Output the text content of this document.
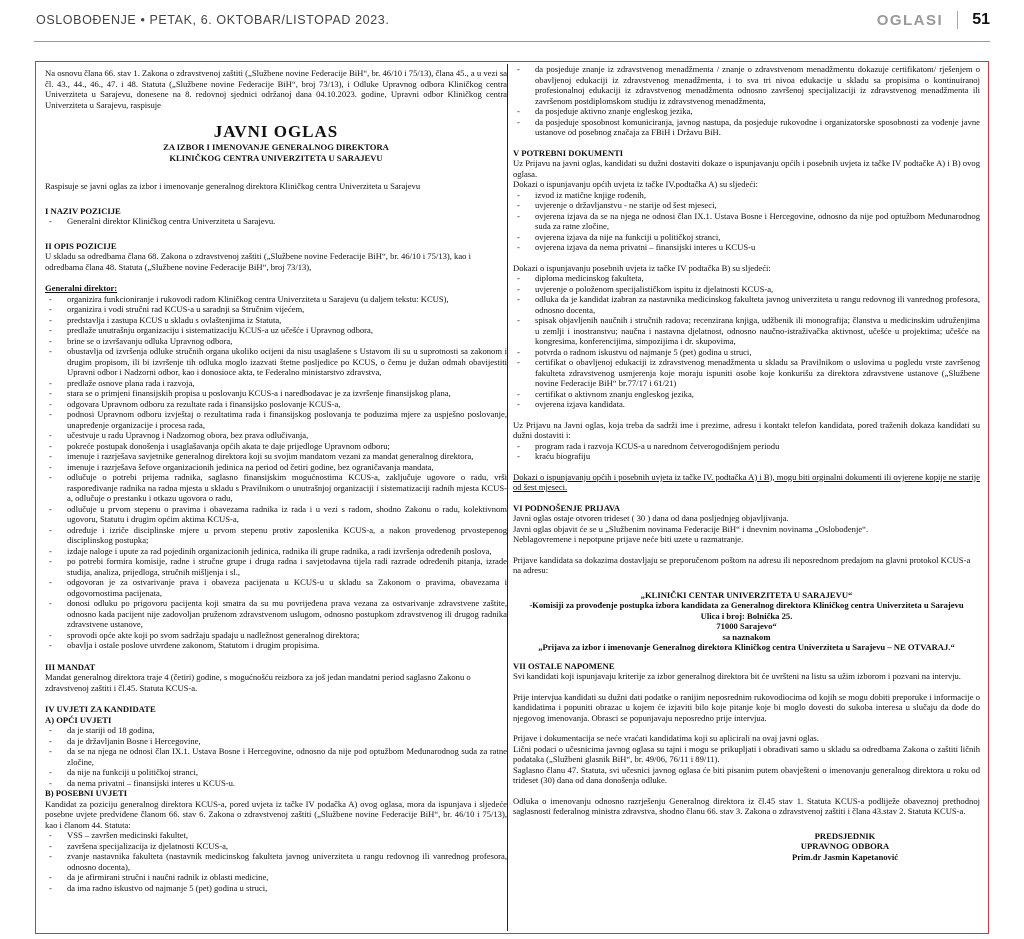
OSLOBOĐENJE • PETAK, 6. OKTOBAR/LISTOPAD 2023.	OGLASI 51

Na osnovu člana 66. stav 1. Zakona o zdravstvenoj zaštiti („Službene novine Federacije BiH“, br. 46/10 i 75/13), člana 45., a u vezi sa čl. 43., 44., 46., 47. i 48. Statuta („Službene novine Federacije BiH“, broj 73/13), i Odluke Upravnog odbora Kliničkog centra Univerziteta u Sarajevu, donesene na 8. redovnoj sjednici održanoj dana 04.10.2023. godine, Upravni odbor Kliničkog centra Univerziteta u Sarajevu, raspisuje

JAVNI OGLAS
ZA IZBOR I IMENOVANJE GENERALNOG DIREKTORA
KLINIČKOG CENTRA UNIVERZITETA U SARAJEVU

Raspisuje se javni oglas za izbor i imenovanje generalnog direktora Kliničkog centra Univerziteta u Sarajevu

I NAZIV POZICIJE
- Generalni direktor Kliničkog centra Univerziteta u Sarajevu.
II OPIS POZICIJE

U skladu sa odredbama člana 68. Zakona o zdravstvenoj zaštiti („Službene novine Federacije BiH“, br. 46/10 i 75/13), kao i odredbama člana 48. Statuta („Službene novine Federacije BiH“, broj 73/13),

Generalni direktor:
- organizira funkcioniranje i rukovodi radom Kliničkog centra Univerziteta u Sarajevu (u daljem tekstu: KCUS),
- organizira i vodi stručni rad KCUS-a u saradnji sa Stručnim vijećem,
- predstavlja i zastupa KCUS u skladu s ovlaštenjima iz Statuta,
- predlaže unutrašnju organizaciju i sistematizaciju KCUS-a uz učešće i Upravnog odbora,
- brine se o izvršavanju odluka Upravnog odbora,
- obustavlja od izvršenja odluke stručnih organa ukoliko ocijeni da nisu usaglašene s Ustavom ili su u suprotnosti sa zakonom i drugim propisom, ili bi izvršenje tih odluka moglo izazvati štetne posljedice po KCUS, o čemu je dužan odmah obavijestiti Upravni odbor i Nadzorni odbor, kao i donosioce akta, te Federalno ministarstvo zdravstva,
- predlaže osnove plana rada i razvoja,
- stara se o primjeni finansijskih propisa u poslovanju KCUS-a i naredbodavac je za izvršenje finansijskog plana,
- odgovara Upravnom odboru za rezultate rada i finansijsko poslovanje KCUS-a,
- podnosi Upravnom odboru izvještaj o rezultatima rada i finansijskog poslovanja te poduzima mjere za uspješno poslovanje, unapređenje organizacije i procesa rada,
- učestvuje u radu Upravnog i Nadzornog obora, bez prava odlučivanja,
- pokreće postupak donošenja i usaglašavanja općih akata te daje prijedloge Upravnom odboru;
- imenuje i razrješava savjetnike generalnog direktora koji su svojim mandatom vezani za mandat generalnog direktora,
- imenuje i razrješava šefove organizacionih jedinica na period od četiri godine, bez ograničavanja mandata,
- odlučuje o potrebi prijema radnika, saglasno finansijskim mogućnostima KCUS-a, zaključuje ugovore o radu, vrši raspoređivanje radnika na radna mjesta u skladu s Pravilnikom o unutrašnjoj organizaciji i sistematizaciji radnih mjesta KCUS-a, odlučuje o prestanku i otkazu ugovora o radu,
- odlučuje u prvom stepenu o pravima i obavezama radnika iz rada i u vezi s radom, shodno Zakonu o radu, kolektivnom ugovoru, Statutu i drugim općim aktima KCUS-a,
- određuje i izriče disciplinske mjere u prvom stepenu protiv zaposlenika KCUS-a, a nakon provedenog prvostepenog disciplinskog postupka;
- izdaje naloge i upute za rad pojedinih organizacionih jedinica, radnika ili grupe radnika, a radi izvršenja određenih poslova,
- po potrebi formira komisije, radne i stručne grupe i druga radna i savjetodavna tijela radi razrade određenih pitanja, izrade studija, analiza, prijedloga, stručnih mišljenja i sl.,
- odgovoran je za ostvarivanje prava i obaveza pacijenata u KCUS-u u skladu sa Zakonom o pravima, obavezama i odgovornostima pacijenata,
- donosi odluku po prigovoru pacijenta koji smatra da su mu povrijeđena prava vezana za ostvarivanje zdravstvene zaštite, odnosno kada pacijent nije zadovoljan pruženom zdravstvenom uslugom, odnosno postupkom zdravstvenog ili drugog radnika zdravstvene ustanove,
- sprovodi opće akte koji po svom sadržaju spadaju u nadležnost generalnog direktora;
- obavlja i ostale poslove utvrđene zakonom, Statutom i drugim propisima.
III MANDAT

Mandat generalnog direktora traje 4 (četiri) godine, s mogućnošću reizbora za još jedan mandatni period saglasno Zakonu o zdravstvenoj zaštiti i čl.45. Statuta KCUS-a.

IV UVJETI ZA KANDIDATE
A) OPĆI UVJETI
- da je stariji od 18 godina,
- da je državljanin Bosne i Hercegovine,
- da se na njega ne odnosi član IX.1. Ustava Bosne i Hercegovine, odnosno da nije pod optužbom Međunarodnog suda za ratne zločine,
- da nije na funkciji u političkoj stranci,
- da nema privatni – finansijski interes u KCUS-u.
B) POSEBNI UVJETI

Kandidat za poziciju generalnog direktora KCUS-a, pored uvjeta iz tačke IV podačka A) ovog oglasa, mora da ispunjava i sljedeće posebne uvjete predviđene članom 66. stav 6. Zakona o zdravstvenoj zaštiti („Službene novine Federacije BiH“, br. 46/10 i 75/13), kao i članom 44. Statuta:

- VSS – završen medicinski fakultet,
- završena specijalizacija iz djelatnosti KCUS-a,
- zvanje nastavnika fakulteta (nastavnik medicinskog fakulteta javnog univerziteta u rangu redovnog ili vanrednog profesora, odnosno docenta),
- da je afirmirani stručni i naučni radnik iz oblasti medicine,
- da ima radno iskustvo od najmanje 5 (pet) godina u struci,
- da posjeduje znanje iz zdravstvenog menadžmenta / znanje o zdravstvenom menadžmentu dokazuje certifikatom/ rješenjem o obavljenoj edukaciji iz zdravstvenog menadžmenta, i to sva tri nivoa edukacije u skladu sa propisima o kontinuiranoj profesionalnoj edukaciji iz zdravstvenog menadžmenta odnosno završenoj specijalizaciji iz zdravstvenog menadžmenta ili završenom postdiplomskom studiju iz zdravstvenog menadžmenta,
- da posjeduje aktivno znanje engleskog jezika,
- da posjeduje sposobnost komuniciranja, javnog nastupa, da posjeduje rukovodne i organizatorske sposobnosti za vođenje javne ustanove od posebnog značaja za FBiH i Državu BiH.
V POTREBNI DOKUMENTI

Uz Prijavu na javni oglas, kandidati su dužni dostaviti dokaze o ispunjavanju općih i posebnih uvjeta iz tačke IV podtačke A) i B) ovog oglasa.

Dokazi o ispunjavanju općih uvjeta iz tačke IV.podtačka A) su sljedeći:

- izvod iz matične knjige rođenih,
- uvjerenje o državljanstvu - ne starije od šest mjeseci,
- ovjerena izjava da se na njega ne odnosi član IX.1. Ustava Bosne i Hercegovine, odnosno da nije pod optužbom Međunarodnog suda za ratne zločine,
- ovjerena izjava da nije na funkciji u političkoj stranci,
- ovjerena izjava da nema privatni – finansijski interes u KCUS-u

Dokazi o ispunjavanju posebnih uvjeta iz tačke IV podtačka B) su sljedeći:

- diploma medicinskog fakulteta,
- uvjerenje o položenom specijalističkom ispitu iz djelatnosti KCUS-a,
- odluka da je kandidat izabran za nastavnika medicinskog fakulteta javnog univerziteta u rangu redovnog ili vanrednog profesora, odnosno docenta,
- spisak objavljenih naučnih i stručnih radova; recenzirana knjiga, udžbenik ili monografija; članstva u medicinskim udruženjima u zemlji i inostranstvu; naučna i nastavna djelatnost, odnosno naučno-istraživačka aktivnost, učešće u projektima; učešće na kongresima, konferencijima, simpozijima i dr. skupovima,
- potvrda o radnom iskustvu od najmanje 5 (pet) godina u struci,
- certifikat o obavljenoj edukaciji iz zdravstvenog menadžmenta u skladu sa Pravilnikom o uslovima u pogledu vrste završenog fakulteta zdravstvenog usmjerenja koje moraju ispuniti osobe koje konkurišu za direktora zdravstvene ustanove („Službene novine Federacije BiH“ br.77/17 i 61/21)
- certifikat o aktivnom znanju engleskog jezika,
- ovjerena izjava kandidata.

Uz Prijavu na Javni oglas, koja treba da sadrži ime i prezime, adresu i kontakt telefon kandidata, pored traženih dokaza kandidati su dužni dostaviti i:

- program rada i razvoja KCUS-a u narednom četverogodišnjem periodu
- kraću biografiju

Dokazi o ispunjavanju općih i posebnih uvjeta iz tačke IV. podtačka A) i B), mogu biti orginalni dokumenti ili ovjerene kopije ne starije od šest mjeseci.

VI PODNOŠENJE PRIJAVA

Javni oglas ostaje otvoren trideset ( 30 ) dana od dana posljednjeg objavljivanja.

Javni oglas objavit će se u „Službenim novinama Federacije BiH“ i dnevnim novinama „Oslobođenje“.

Neblagovremene i nepotpune prijave neće biti uzete u razmatranje.

Prijave kandidata sa dokazima dostavljaju se preporučenom poštom na adresu ili neposrednom predajom na glavni protokol KCUS-a na adresu:

„KLINIČKI CENTAR UNIVERZITETA U SARAJEVU“
-Komisiji za provođenje postupka izbora kandidata za Generalnog direktora Kliničkog centra Univerziteta u Sarajevu
Ulica i broj: Bolnička 25.
71000 Sarajevo“
sa naznakom
„Prijava za izbor i imenovanje Generalnog direktora Kliničkog centra Univerziteta u Sarajevu – NE OTVARAJ.“
VII OSTALE NAPOMENE

Svi kandidati koji ispunjavaju kriterije za izbor generalnog direktora bit će uvršteni na listu sa užim izborom i pozvani na intervju.

Prije intervjua kandidati su dužni dati podatke o ranijim neposrednim rukovodiocima od kojih se mogu dobiti preporuke i informacije o kandidatima i popuniti obrazac u kojem će izjaviti bilo koje pitanje koje bi moglo dovesti do sukoba interesa u slučaju da dođe do njegovog imenovanja. Obrasci se popunjavaju neposredno prije intervjua.

Prijave i dokumentacija se neće vraćati kandidatima koji su aplicirali na ovaj javni oglas.

Lični podaci o učesnicima javnog oglasa su tajni i mogu se prikupljati i obrađivati samo u skladu sa odredbama Zakona o zaštiti ličnih podataka („Službeni glasnik BiH“, br. 49/06, 76/11 i 89/11).

Saglasno članu 47. Statuta, svi učesnici javnog oglasa će biti pisanim putem obavješteni o imenovanju generalnog direktora u roku od trideset (30) dana od dana donošenja odluke.

Odluka o imenovanju odnosno razrješenju Generalnog direktora iz čl.45 stav 1. Statuta KCUS-a podliježe obaveznoj prethodnoj saglasnosti federalnog ministra zdravstva, shodno članu 66. stav 3. Zakona o zdravstvenoj zaštiti i člana 43.stav 2. Statuta KCUS-a.

PREDSJEDNIK
UPRAVNOG ODBORA
Prim.dr Jasmin Kapetanović
